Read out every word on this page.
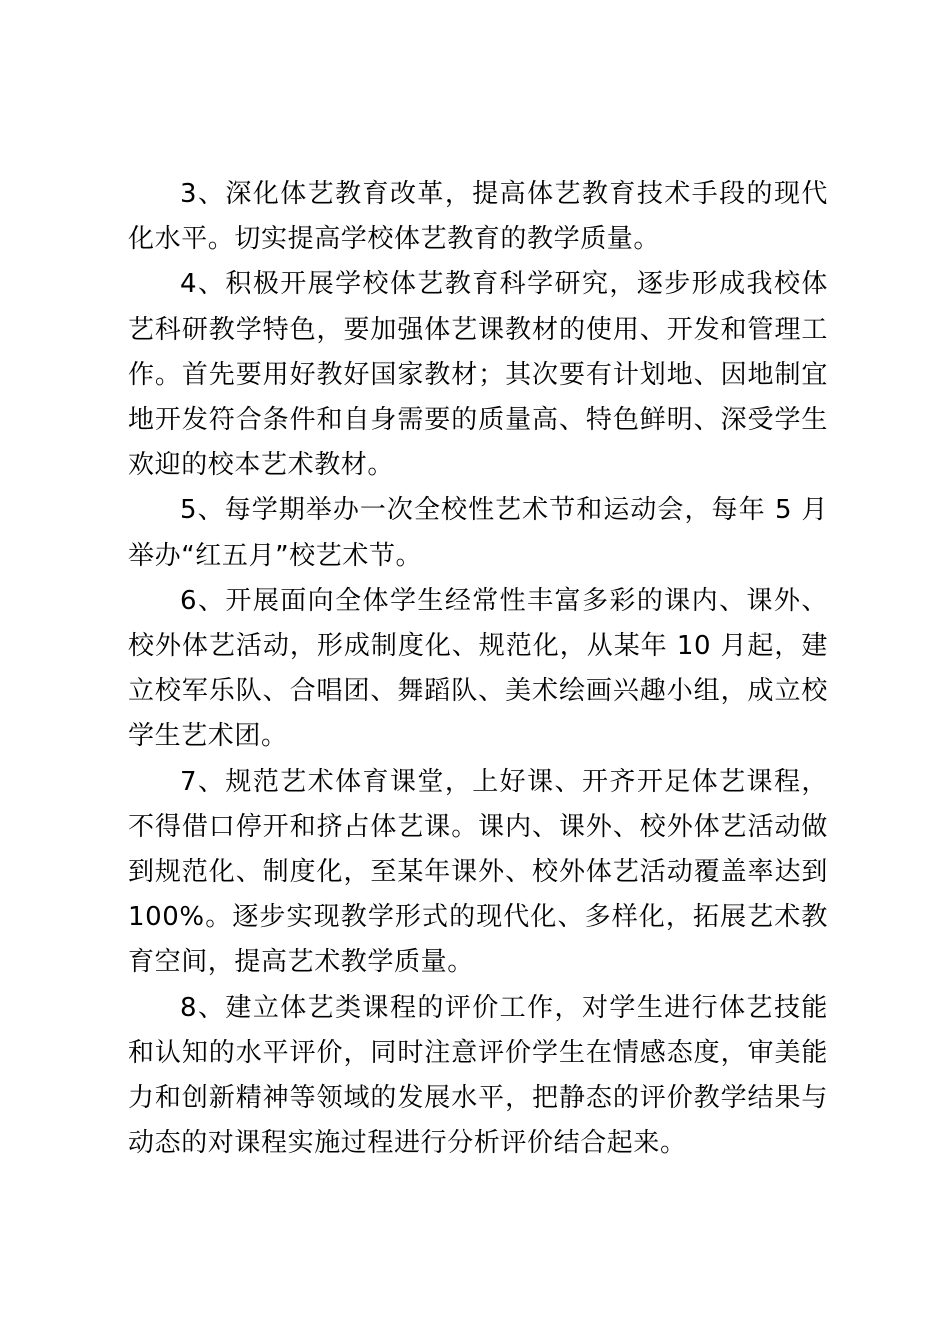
3、深化体艺教育改革，提高体艺教育技术手段的现代化水平。切实提高学校体艺教育的教学质量。

4、积极开展学校体艺教育科学研究，逐步形成我校体艺科研教学特色，要加强体艺课教材的使用、开发和管理工作。首先要用好教好国家教材；其次要有计划地、因地制宜地开发符合条件和自身需要的质量高、特色鲜明、深受学生欢迎的校本艺术教材。

5、每学期举办一次全校性艺术节和运动会，每年 5 月举办“红五月”校艺术节。

6、开展面向全体学生经常性丰富多彩的课内、课外、校外体艺活动，形成制度化、规范化，从某年 10 月起，建立校军乐队、合唱团、舞蹈队、美术绘画兴趣小组，成立校学生艺术团。

7、规范艺术体育课堂，上好课、开齐开足体艺课程，不得借口停开和挤占体艺课。课内、课外、校外体艺活动做到规范化、制度化，至某年课外、校外体艺活动覆盖率达到 100%。逐步实现教学形式的现代化、多样化，拓展艺术教育空间，提高艺术教学质量。

8、建立体艺类课程的评价工作，对学生进行体艺技能和认知的水平评价，同时注意评价学生在情感态度，审美能力和创新精神等领域的发展水平，把静态的评价教学结果与动态的对课程实施过程进行分析评价结合起来。
